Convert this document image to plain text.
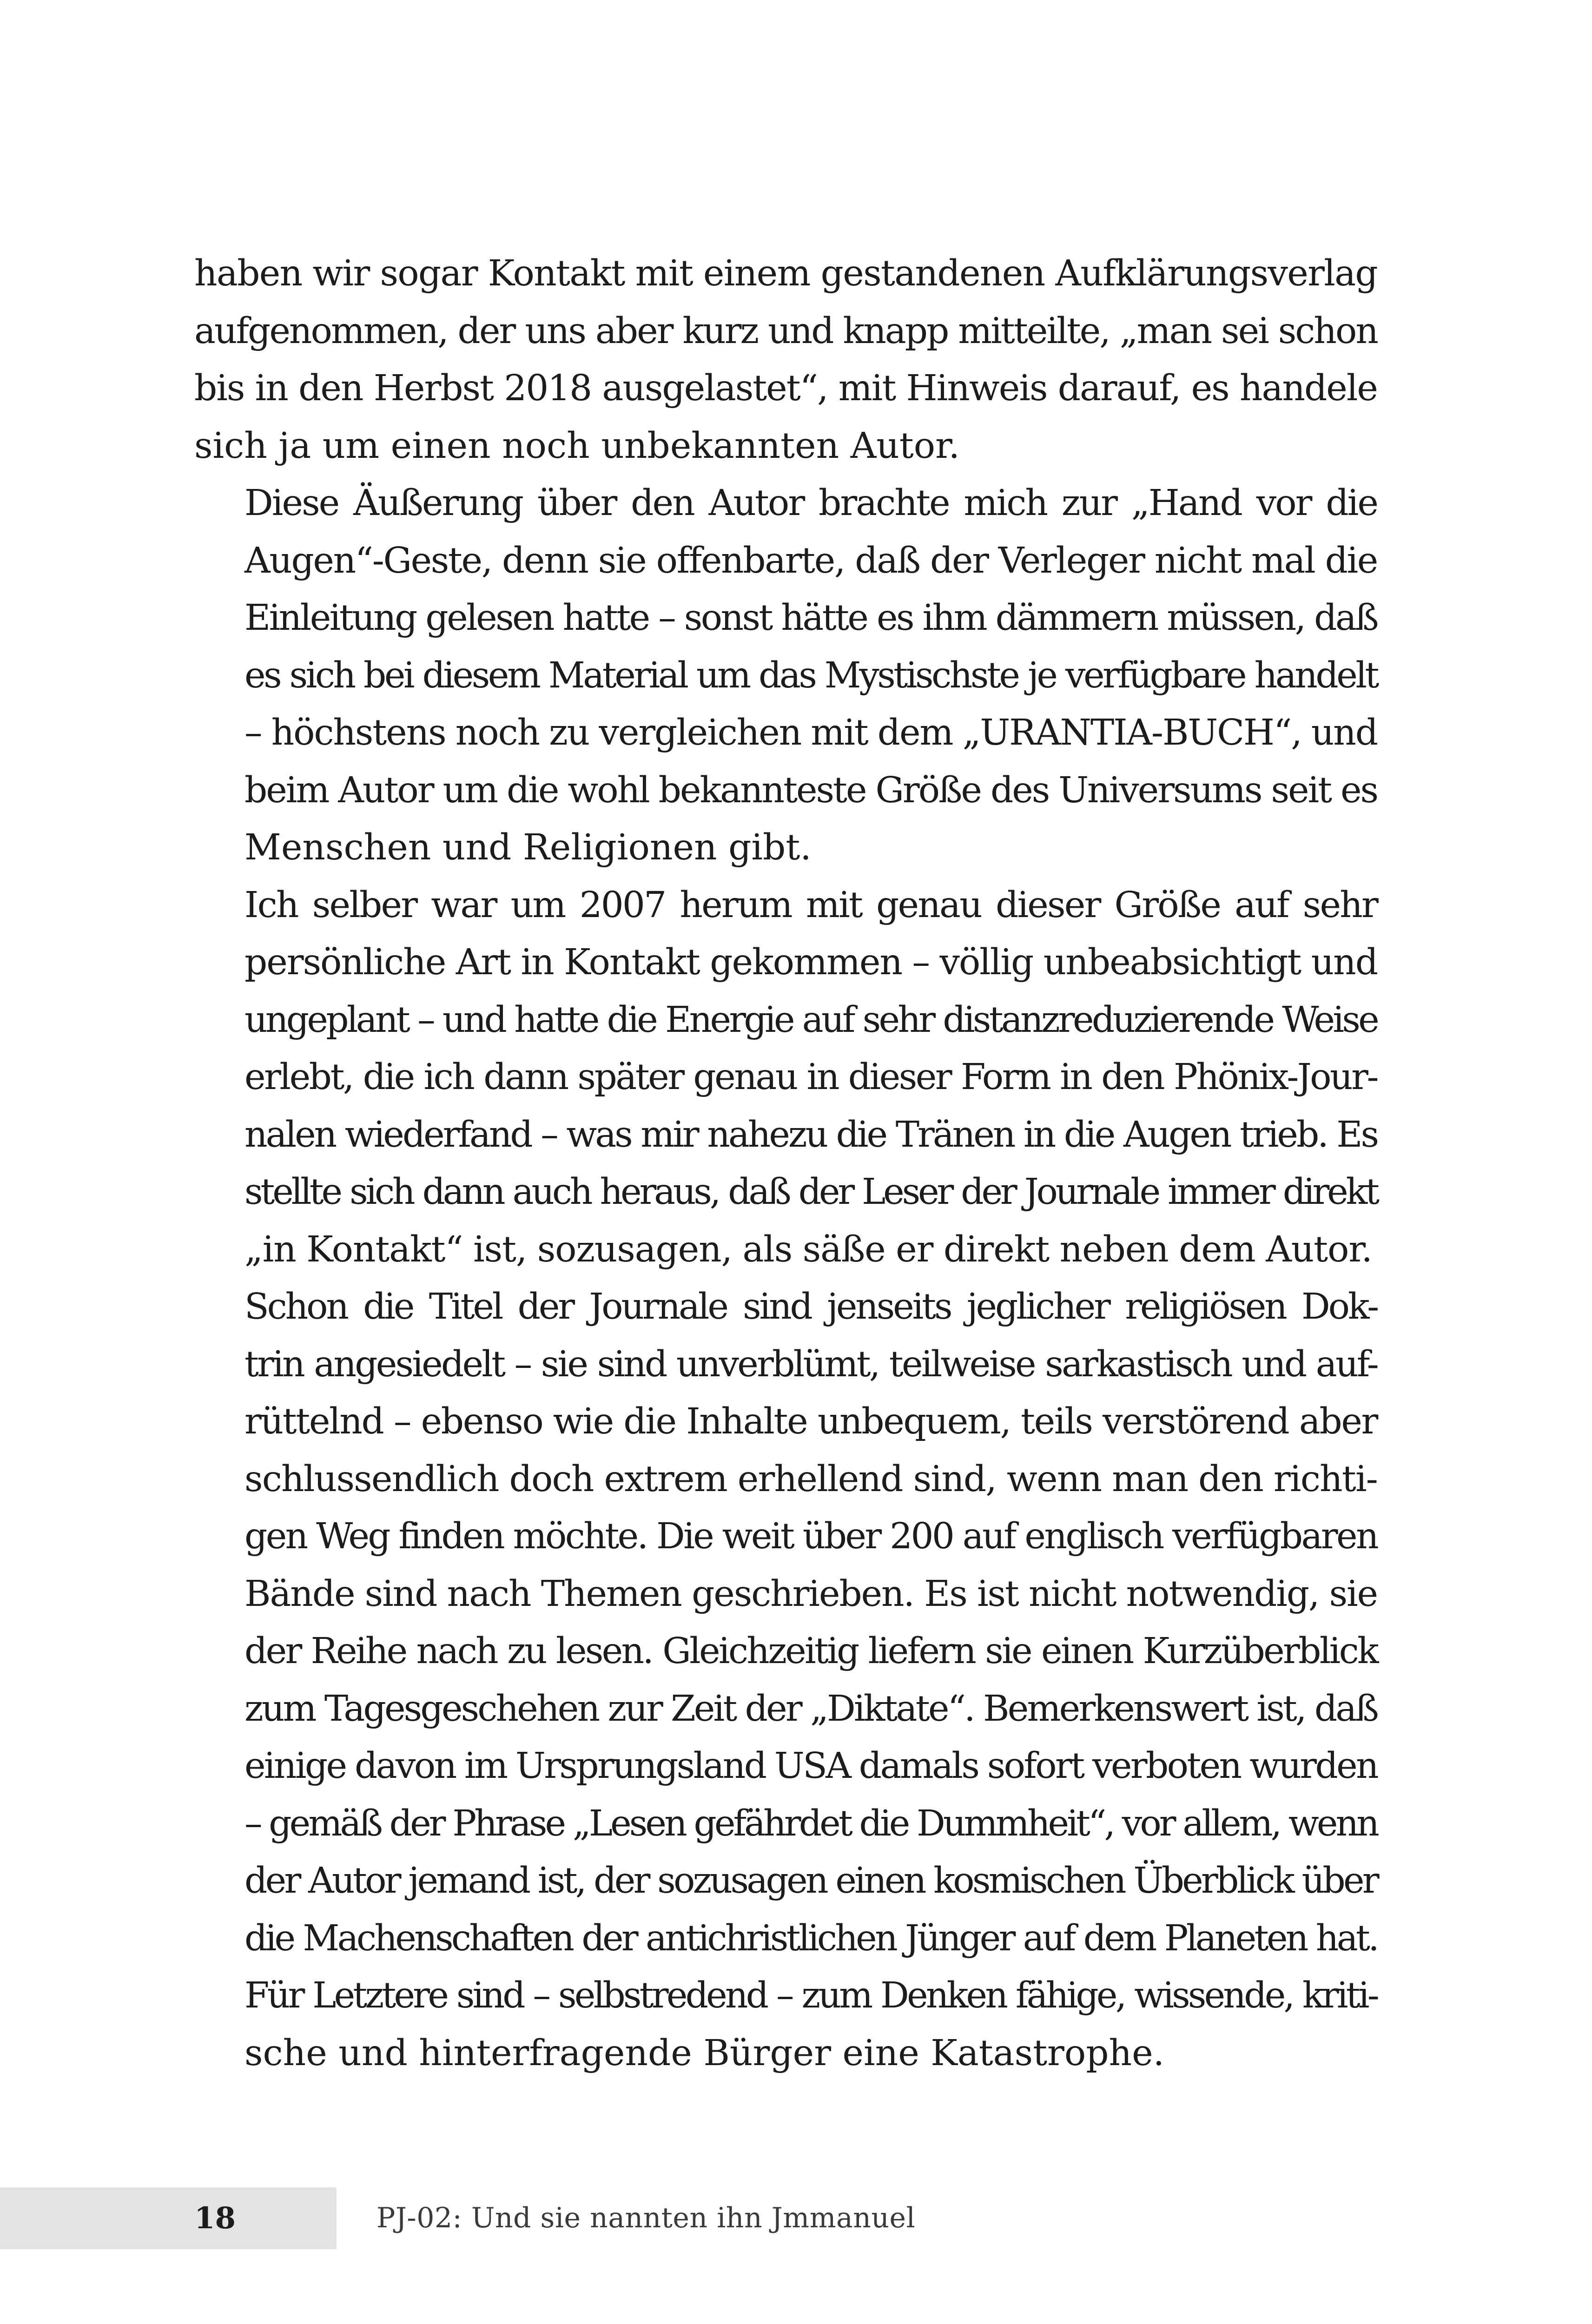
haben wir sogar Kontakt mit einem gestandenen Aufklärungsverlag
aufgenommen, der uns aber kurz und knapp mitteilte, „man sei schon
bis in den Herbst 2018 ausgelastet“, mit Hinweis darauf, es handele
sich ja um einen noch unbekannten Autor.

Diese Äußerung über den Autor brachte mich zur „Hand vor die
Augen“-Geste, denn sie offenbarte, daß der Verleger nicht mal die
Einleitung gelesen hatte – sonst hätte es ihm dämmern müssen, daß
es sich bei diesem Material um das Mystischste je verfügbare handelt
– höchstens noch zu vergleichen mit dem „URANTIA-BUCH“, und
beim Autor um die wohl bekannteste Größe des Universums seit es
Menschen und Religionen gibt.

Ich selber war um 2007 herum mit genau dieser Größe auf sehr
persönliche Art in Kontakt gekommen – völlig unbeabsichtigt und
ungeplant – und hatte die Energie auf sehr distanzreduzierende Weise
erlebt, die ich dann später genau in dieser Form in den Phönix-Jour-
nalen wiederfand – was mir nahezu die Tränen in die Augen trieb. Es
stellte sich dann auch heraus, daß der Leser der Journale immer direkt
„in Kontakt“ ist, sozusagen, als säße er direkt neben dem Autor.

Schon die Titel der Journale sind jenseits jeglicher religiösen Dok-
trin angesiedelt – sie sind unverblümt, teilweise sarkastisch und auf-
rüttelnd – ebenso wie die Inhalte unbequem, teils verstörend aber
schlussendlich doch extrem erhellend sind, wenn man den richti-
gen Weg finden möchte. Die weit über 200 auf englisch verfügbaren
Bände sind nach Themen geschrieben. Es ist nicht notwendig, sie
der Reihe nach zu lesen. Gleichzeitig liefern sie einen Kurzüberblick
zum Tagesgeschehen zur Zeit der „Diktate“. Bemerkenswert ist, daß
einige davon im Ursprungsland USA damals sofort verboten wurden
– gemäß der Phrase „Lesen gefährdet die Dummheit“, vor allem, wenn
der Autor jemand ist, der sozusagen einen kosmischen Überblick über
die Machenschaften der antichristlichen Jünger auf dem Planeten hat.
Für Letztere sind – selbstredend – zum Denken fähige, wissende, kriti-
sche und hinterfragende Bürger eine Katastrophe.

18	PJ-02: Und sie nannten ihn Jmmanuel
